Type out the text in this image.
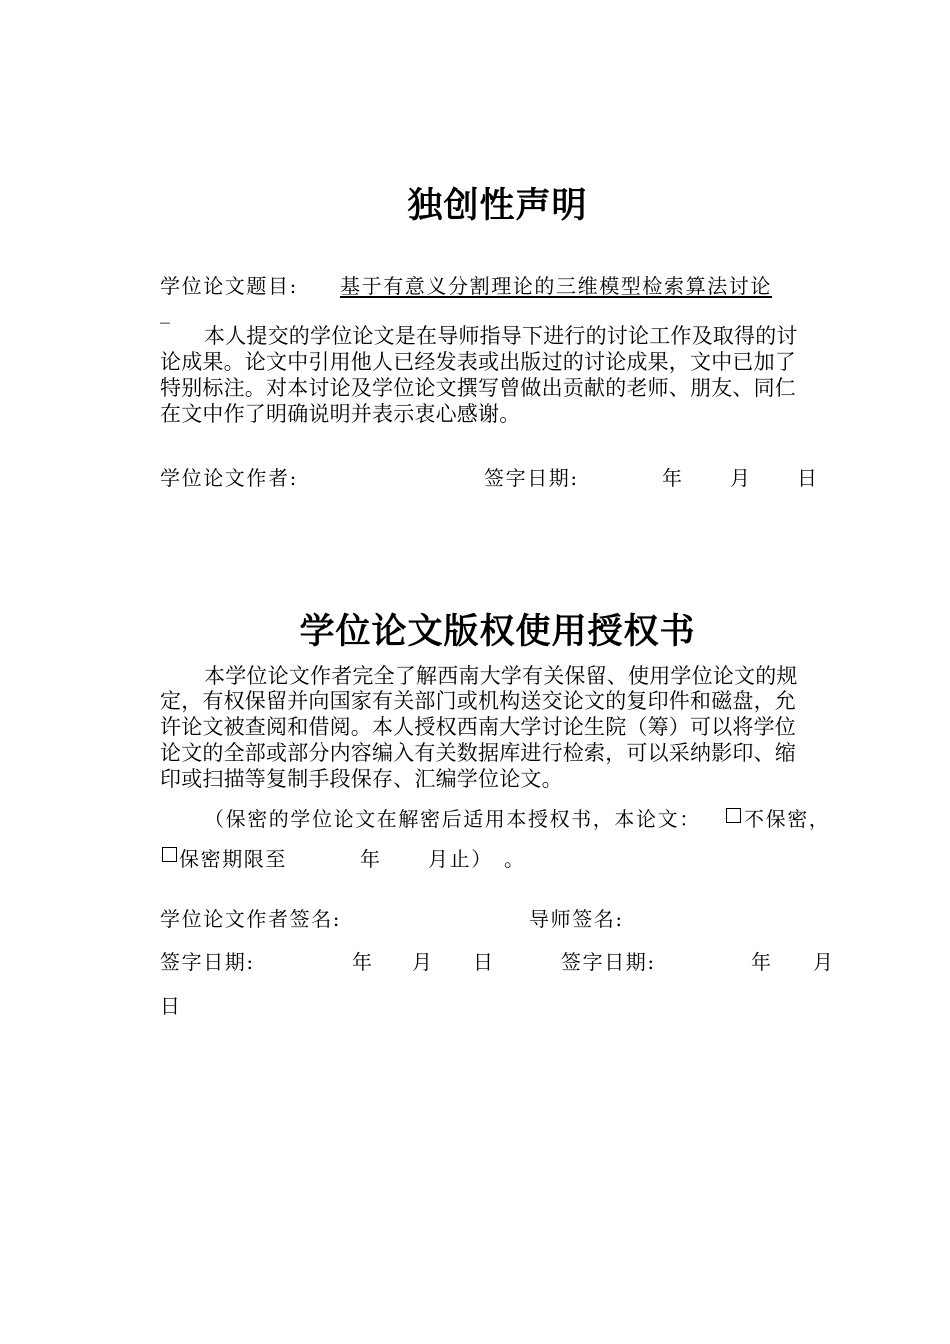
独创性声明
学位论文题目:	基于有意义分割理论的三维模型检索算法讨论
_
本人提交的学位论文是在导师指导下进行的讨论工作及取得的讨
论成果。论文中引用他人已经发表或出版过的讨论成果，文中已加了
特别标注。对本讨论及学位论文撰写曾做出贡献的老师、朋友、同仁
在文中作了明确说明并表示衷心感谢。
学位论文作者:	签字日期:	年 月 日
学位论文版权使用授权书
本学位论文作者完全了解西南大学有关保留、使用学位论文的规
定，有权保留并向国家有关部门或机构送交论文的复印件和磁盘，允
许论文被查阅和借阅。本人授权西南大学讨论生院（筹）可以将学位
论文的全部或部分内容编入有关数据库进行检索，可以采纳影印、缩
印或扫描等复制手段保存、汇编学位论文。
（保密的学位论文在解密后适用本授权书，本论文： 不保密，
保密期限至	年 月止） 。
学位论文作者签名:	导师签名:
签字日期:	年 月 日	签字日期:	年 月
日
